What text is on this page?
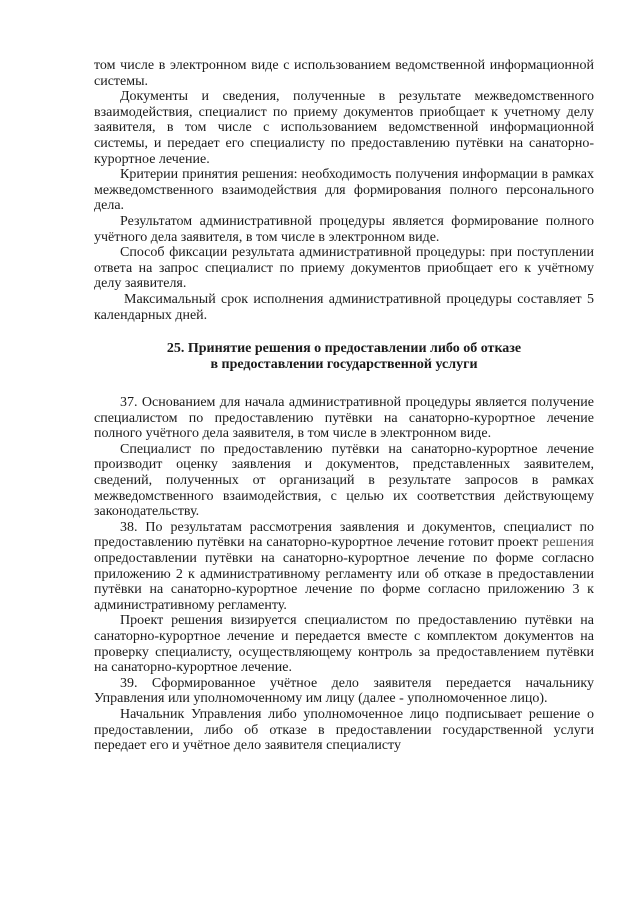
том числе в электронном виде с использованием ведомственной информационной системы.

Документы и сведения, полученные в результате межведомственного взаимодействия, специалист по приему документов приобщает к учетному делу заявителя, в том числе с использованием ведомственной информационной системы, и передает его специалисту по предоставлению путёвки на санаторно-курортное лечение.

Критерии принятия решения: необходимость получения информации в рамках межведомственного взаимодействия для формирования полного персонального дела.

Результатом административной процедуры является формирование полного учётного дела заявителя, в том числе в электронном виде.

Способ фиксации результата административной процедуры: при поступлении ответа на запрос специалист по приему документов приобщает его к учётному делу заявителя.

Максимальный срок исполнения административной процедуры составляет 5 календарных дней.

25. Принятие решения о предоставлении либо об отказе
в предоставлении государственной услуги

37. Основанием для начала административной процедуры является получение специалистом по предоставлению путёвки на санаторно-курортное лечение полного учётного дела заявителя, в том числе в электронном виде.

Специалист по предоставлению путёвки на санаторно-курортное лечение производит оценку заявления и документов, представленных заявителем, сведений, полученных от организаций в результате запросов в рамках межведомственного взаимодействия, с целью их соответствия действующему законодательству.

38. По результатам рассмотрения заявления и документов, специалист по предоставлению путёвки на санаторно-курортное лечение готовит проект решения опредоставлении путёвки на санаторно-курортное лечение по форме согласно приложению 2 к административному регламенту или об отказе в предоставлении путёвки на санаторно-курортное лечение по форме согласно приложению 3 к административному регламенту.

Проект решения визируется специалистом по предоставлению путёвки на санаторно-курортное лечение и передается вместе с комплектом документов на проверку специалисту, осуществляющему контроль за предоставлением путёвки на санаторно-курортное лечение.

39. Сформированное учётное дело заявителя передается начальнику Управления или уполномоченному им лицу (далее - уполномоченное лицо).

Начальник Управления либо уполномоченное лицо подписывает решение о предоставлении, либо об отказе в предоставлении государственной услуги передает его и учётное дело заявителя специалисту
